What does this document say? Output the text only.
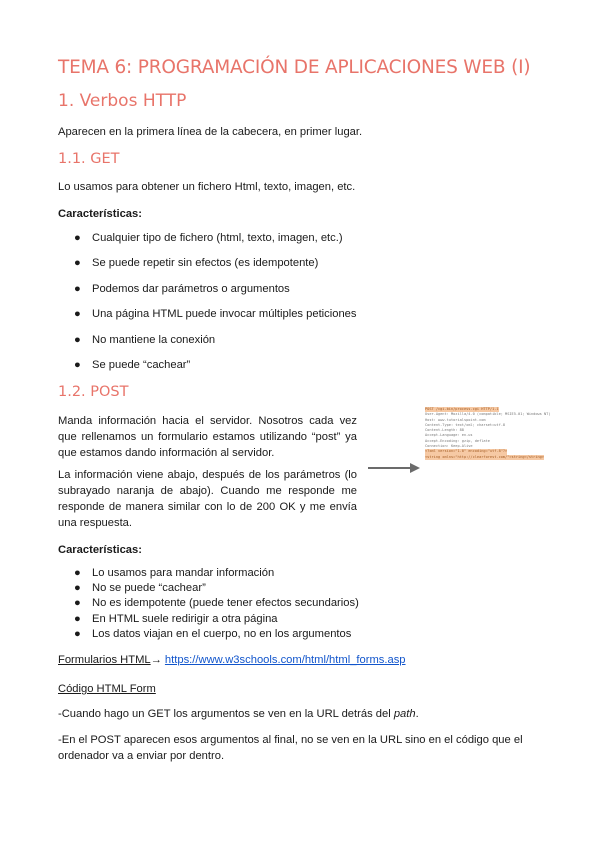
TEMA 6: PROGRAMACIÓN DE APLICACIONES WEB (I)
1. Verbos HTTP
Aparecen en la primera línea de la cabecera, en primer lugar.
1.1. GET
Lo usamos para obtener un fichero Html, texto, imagen, etc.
Características:
● Cualquier tipo de fichero (html, texto, imagen, etc.)
● Se puede repetir sin efectos (es idempotente)
● Podemos dar parámetros o argumentos
● Una página HTML puede invocar múltiples peticiones
● No mantiene la conexión
● Se puede “cachear”
1.2. POST
Manda información hacia el servidor. Nosotros cada vez que rellenamos un formulario estamos utilizando “post” ya que estamos dando información al servidor.
La información viene abajo, después de los parámetros (lo subrayado naranja de abajo). Cuando me responde me responde de manera similar con lo de 200 OK y me envía una respuesta.
POST /cgi-bin/process.cgi HTTP/1.1
User-Agent: Mozilla/4.0 (compatible; MSIE5.01; Windows NT)
Host: www.tutorialspoint.com
Content-Type: text/xml; charset=utf-8
Content-Length: 88
Accept-Language: en-us
Accept-Encoding: gzip, deflate
Connection: Keep-Alive
<?xml version="1.0" encoding="utf-8"?>
<string xmlns="http://clearforest.com/">string</string>
Características:
● Lo usamos para mandar información
● No se puede “cachear”
● No es idempotente (puede tener efectos secundarios)
● En HTML suele redirigir a otra página
● Los datos viajan en el cuerpo, no en los argumentos
Formularios HTML→ https://www.w3schools.com/html/html_forms.asp
Código HTML Form
-Cuando hago un GET los argumentos se ven en la URL detrás del path.
-En el POST aparecen esos argumentos al final, no se ven en la URL sino en el código que el ordenador va a enviar por dentro.
